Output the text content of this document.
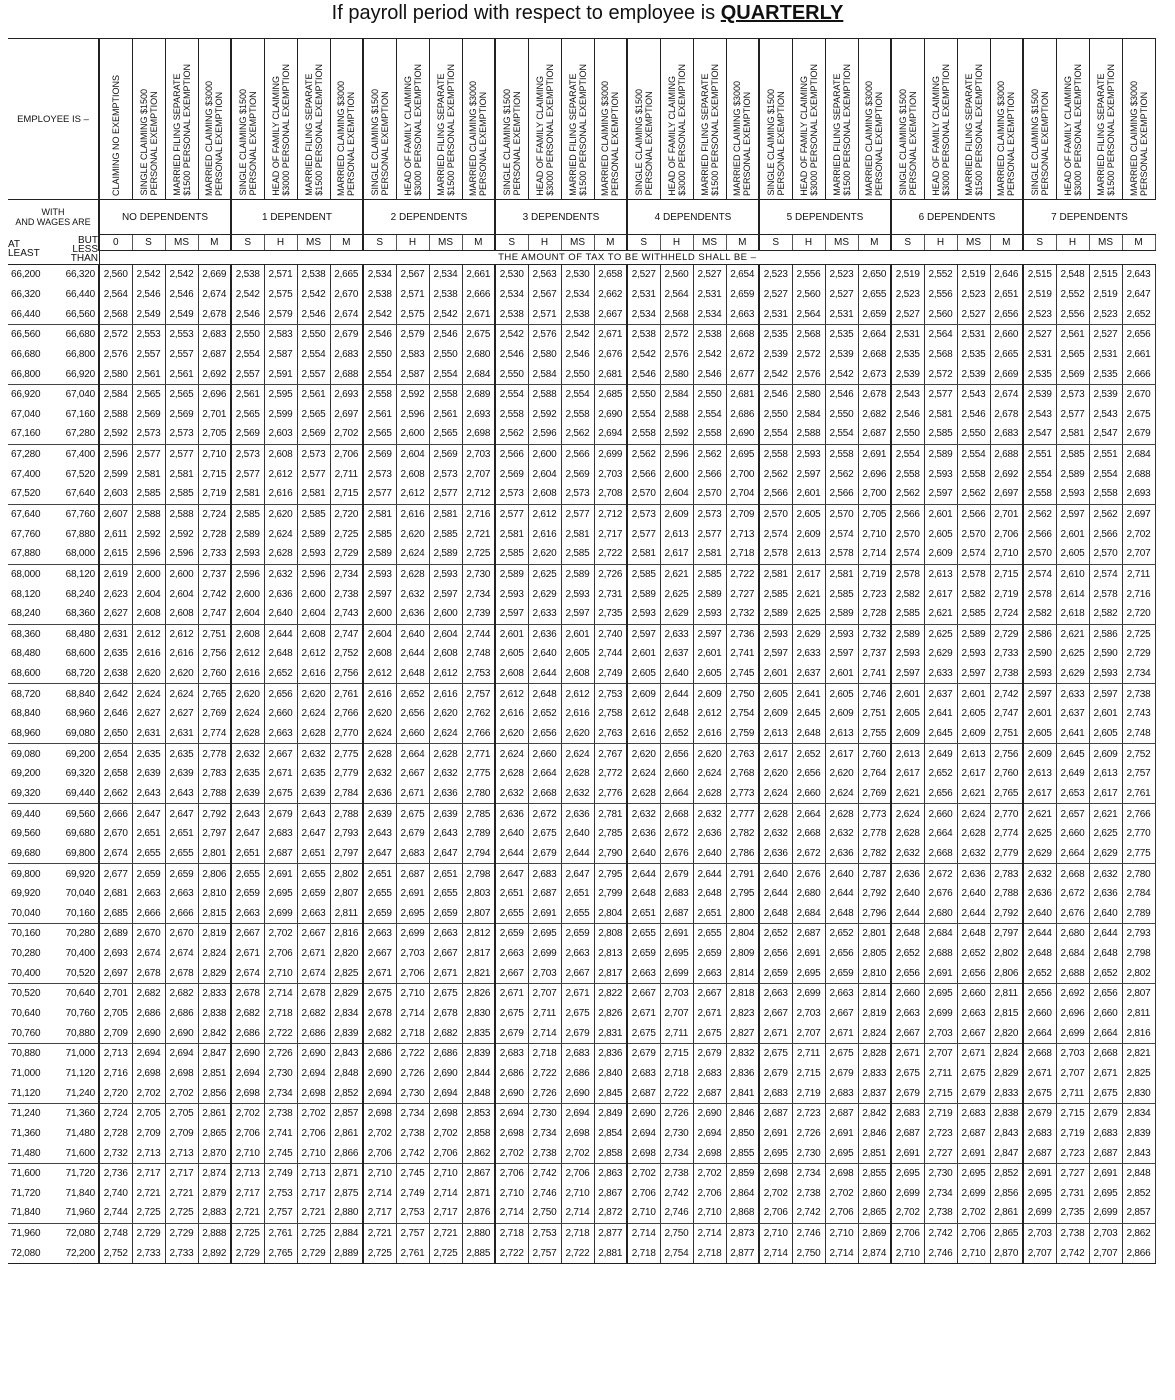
If payroll period with respect to employee is QUARTERLY
EMPLOYEE IS –		CLAIMING NO EXEMPTIONS	SINGLE CLAIMING $1500
PERSONAL EXEMPTION	MARRIED FILING SEPARATE
$1500 PERSONAL EXEMPTION	MARRIED CLAIMING $3000
PERSONAL EXEMPTION	SINGLE CLAIMING $1500
PERSONAL EXEMPTION	HEAD OF FAMILY CLAIMING
$3000 PERSONAL EXEMPTION	MARRIED FILING SEPARATE
$1500 PERSONAL EXEMPTION	MARRIED CLAIMING $3000
PERSONAL EXEMPTION	SINGLE CLAIMING $1500
PERSONAL EXEMPTION	HEAD OF FAMILY CLAIMING
$3000 PERSONAL EXEMPTION	MARRIED FILING SEPARATE
$1500 PERSONAL EXEMPTION	MARRIED CLAIMING $3000
PERSONAL EXEMPTION	SINGLE CLAIMING $1500
PERSONAL EXEMPTION	HEAD OF FAMILY CLAIMING
$3000 PERSONAL EXEMPTION	MARRIED FILING SEPARATE
$1500 PERSONAL EXEMPTION	MARRIED CLAIMING $3000
PERSONAL EXEMPTION	SINGLE CLAIMING $1500
PERSONAL EXEMPTION	HEAD OF FAMILY CLAIMING
$3000 PERSONAL EXEMPTION	MARRIED FILING SEPARATE
$1500 PERSONAL EXEMPTION	MARRIED CLAIMING $3000
PERSONAL EXEMPTION	SINGLE CLAIMING $1500
PERSONAL EXEMPTION	HEAD OF FAMILY CLAIMING
$3000 PERSONAL EXEMPTION	MARRIED FILING SEPARATE
$1500 PERSONAL EXEMPTION	MARRIED CLAIMING $3000
PERSONAL EXEMPTION	SINGLE CLAIMING $1500
PERSONAL EXEMPTION	HEAD OF FAMILY CLAIMING
$3000 PERSONAL EXEMPTION	MARRIED FILING SEPARATE
$1500 PERSONAL EXEMPTION	MARRIED CLAIMING $3000
PERSONAL EXEMPTION	SINGLE CLAIMING $1500
PERSONAL EXEMPTION	HEAD OF FAMILY CLAIMING
$3000 PERSONAL EXEMPTION	MARRIED FILING SEPARATE
$1500 PERSONAL EXEMPTION	MARRIED CLAIMING $3000
PERSONAL EXEMPTION

WITH
AND WAGES ARE		NO DEPENDENTS				1 DEPENDENT				2 DEPENDENTS				3 DEPENDENTS				4 DEPENDENTS				5 DEPENDENTS				6 DEPENDENTS				7 DEPENDENTS			
AT
LEAST	BUT LESS
THAN	0	S	MS	M	S	H	MS	M	S	H	MS	M	S	H	MS	M	S	H	MS	M	S	H	MS	M	S	H	MS	M	S	H	MS	M
		THE AMOUNT OF TAX TO BE WITHHELD SHALL BE –																															
66,200	66,320	2,560	2,542	2,542	2,669	2,538	2,571	2,538	2,665	2,534	2,567	2,534	2,661	2,530	2,563	2,530	2,658	2,527	2,560	2,527	2,654	2,523	2,556	2,523	2,650	2,519	2,552	2,519	2,646	2,515	2,548	2,515	2,643
66,320	66,440	2,564	2,546	2,546	2,674	2,542	2,575	2,542	2,670	2,538	2,571	2,538	2,666	2,534	2,567	2,534	2,662	2,531	2,564	2,531	2,659	2,527	2,560	2,527	2,655	2,523	2,556	2,523	2,651	2,519	2,552	2,519	2,647
66,440	66,560	2,568	2,549	2,549	2,678	2,546	2,579	2,546	2,674	2,542	2,575	2,542	2,671	2,538	2,571	2,538	2,667	2,534	2,568	2,534	2,663	2,531	2,564	2,531	2,659	2,527	2,560	2,527	2,656	2,523	2,556	2,523	2,652
66,560	66,680	2,572	2,553	2,553	2,683	2,550	2,583	2,550	2,679	2,546	2,579	2,546	2,675	2,542	2,576	2,542	2,671	2,538	2,572	2,538	2,668	2,535	2,568	2,535	2,664	2,531	2,564	2,531	2,660	2,527	2,561	2,527	2,656
66,680	66,800	2,576	2,557	2,557	2,687	2,554	2,587	2,554	2,683	2,550	2,583	2,550	2,680	2,546	2,580	2,546	2,676	2,542	2,576	2,542	2,672	2,539	2,572	2,539	2,668	2,535	2,568	2,535	2,665	2,531	2,565	2,531	2,661
66,800	66,920	2,580	2,561	2,561	2,692	2,557	2,591	2,557	2,688	2,554	2,587	2,554	2,684	2,550	2,584	2,550	2,681	2,546	2,580	2,546	2,677	2,542	2,576	2,542	2,673	2,539	2,572	2,539	2,669	2,535	2,569	2,535	2,666
66,920	67,040	2,584	2,565	2,565	2,696	2,561	2,595	2,561	2,693	2,558	2,592	2,558	2,689	2,554	2,588	2,554	2,685	2,550	2,584	2,550	2,681	2,546	2,580	2,546	2,678	2,543	2,577	2,543	2,674	2,539	2,573	2,539	2,670
67,040	67,160	2,588	2,569	2,569	2,701	2,565	2,599	2,565	2,697	2,561	2,596	2,561	2,693	2,558	2,592	2,558	2,690	2,554	2,588	2,554	2,686	2,550	2,584	2,550	2,682	2,546	2,581	2,546	2,678	2,543	2,577	2,543	2,675
67,160	67,280	2,592	2,573	2,573	2,705	2,569	2,603	2,569	2,702	2,565	2,600	2,565	2,698	2,562	2,596	2,562	2,694	2,558	2,592	2,558	2,690	2,554	2,588	2,554	2,687	2,550	2,585	2,550	2,683	2,547	2,581	2,547	2,679
67,280	67,400	2,596	2,577	2,577	2,710	2,573	2,608	2,573	2,706	2,569	2,604	2,569	2,703	2,566	2,600	2,566	2,699	2,562	2,596	2,562	2,695	2,558	2,593	2,558	2,691	2,554	2,589	2,554	2,688	2,551	2,585	2,551	2,684
67,400	67,520	2,599	2,581	2,581	2,715	2,577	2,612	2,577	2,711	2,573	2,608	2,573	2,707	2,569	2,604	2,569	2,703	2,566	2,600	2,566	2,700	2,562	2,597	2,562	2,696	2,558	2,593	2,558	2,692	2,554	2,589	2,554	2,688
67,520	67,640	2,603	2,585	2,585	2,719	2,581	2,616	2,581	2,715	2,577	2,612	2,577	2,712	2,573	2,608	2,573	2,708	2,570	2,604	2,570	2,704	2,566	2,601	2,566	2,700	2,562	2,597	2,562	2,697	2,558	2,593	2,558	2,693
67,640	67,760	2,607	2,588	2,588	2,724	2,585	2,620	2,585	2,720	2,581	2,616	2,581	2,716	2,577	2,612	2,577	2,712	2,573	2,609	2,573	2,709	2,570	2,605	2,570	2,705	2,566	2,601	2,566	2,701	2,562	2,597	2,562	2,697
67,760	67,880	2,611	2,592	2,592	2,728	2,589	2,624	2,589	2,725	2,585	2,620	2,585	2,721	2,581	2,616	2,581	2,717	2,577	2,613	2,577	2,713	2,574	2,609	2,574	2,710	2,570	2,605	2,570	2,706	2,566	2,601	2,566	2,702
67,880	68,000	2,615	2,596	2,596	2,733	2,593	2,628	2,593	2,729	2,589	2,624	2,589	2,725	2,585	2,620	2,585	2,722	2,581	2,617	2,581	2,718	2,578	2,613	2,578	2,714	2,574	2,609	2,574	2,710	2,570	2,605	2,570	2,707
68,000	68,120	2,619	2,600	2,600	2,737	2,596	2,632	2,596	2,734	2,593	2,628	2,593	2,730	2,589	2,625	2,589	2,726	2,585	2,621	2,585	2,722	2,581	2,617	2,581	2,719	2,578	2,613	2,578	2,715	2,574	2,610	2,574	2,711
68,120	68,240	2,623	2,604	2,604	2,742	2,600	2,636	2,600	2,738	2,597	2,632	2,597	2,734	2,593	2,629	2,593	2,731	2,589	2,625	2,589	2,727	2,585	2,621	2,585	2,723	2,582	2,617	2,582	2,719	2,578	2,614	2,578	2,716
68,240	68,360	2,627	2,608	2,608	2,747	2,604	2,640	2,604	2,743	2,600	2,636	2,600	2,739	2,597	2,633	2,597	2,735	2,593	2,629	2,593	2,732	2,589	2,625	2,589	2,728	2,585	2,621	2,585	2,724	2,582	2,618	2,582	2,720
68,360	68,480	2,631	2,612	2,612	2,751	2,608	2,644	2,608	2,747	2,604	2,640	2,604	2,744	2,601	2,636	2,601	2,740	2,597	2,633	2,597	2,736	2,593	2,629	2,593	2,732	2,589	2,625	2,589	2,729	2,586	2,621	2,586	2,725
68,480	68,600	2,635	2,616	2,616	2,756	2,612	2,648	2,612	2,752	2,608	2,644	2,608	2,748	2,605	2,640	2,605	2,744	2,601	2,637	2,601	2,741	2,597	2,633	2,597	2,737	2,593	2,629	2,593	2,733	2,590	2,625	2,590	2,729
68,600	68,720	2,638	2,620	2,620	2,760	2,616	2,652	2,616	2,756	2,612	2,648	2,612	2,753	2,608	2,644	2,608	2,749	2,605	2,640	2,605	2,745	2,601	2,637	2,601	2,741	2,597	2,633	2,597	2,738	2,593	2,629	2,593	2,734
68,720	68,840	2,642	2,624	2,624	2,765	2,620	2,656	2,620	2,761	2,616	2,652	2,616	2,757	2,612	2,648	2,612	2,753	2,609	2,644	2,609	2,750	2,605	2,641	2,605	2,746	2,601	2,637	2,601	2,742	2,597	2,633	2,597	2,738
68,840	68,960	2,646	2,627	2,627	2,769	2,624	2,660	2,624	2,766	2,620	2,656	2,620	2,762	2,616	2,652	2,616	2,758	2,612	2,648	2,612	2,754	2,609	2,645	2,609	2,751	2,605	2,641	2,605	2,747	2,601	2,637	2,601	2,743
68,960	69,080	2,650	2,631	2,631	2,774	2,628	2,663	2,628	2,770	2,624	2,660	2,624	2,766	2,620	2,656	2,620	2,763	2,616	2,652	2,616	2,759	2,613	2,648	2,613	2,755	2,609	2,645	2,609	2,751	2,605	2,641	2,605	2,748
69,080	69,200	2,654	2,635	2,635	2,778	2,632	2,667	2,632	2,775	2,628	2,664	2,628	2,771	2,624	2,660	2,624	2,767	2,620	2,656	2,620	2,763	2,617	2,652	2,617	2,760	2,613	2,649	2,613	2,756	2,609	2,645	2,609	2,752
69,200	69,320	2,658	2,639	2,639	2,783	2,635	2,671	2,635	2,779	2,632	2,667	2,632	2,775	2,628	2,664	2,628	2,772	2,624	2,660	2,624	2,768	2,620	2,656	2,620	2,764	2,617	2,652	2,617	2,760	2,613	2,649	2,613	2,757
69,320	69,440	2,662	2,643	2,643	2,788	2,639	2,675	2,639	2,784	2,636	2,671	2,636	2,780	2,632	2,668	2,632	2,776	2,628	2,664	2,628	2,773	2,624	2,660	2,624	2,769	2,621	2,656	2,621	2,765	2,617	2,653	2,617	2,761
69,440	69,560	2,666	2,647	2,647	2,792	2,643	2,679	2,643	2,788	2,639	2,675	2,639	2,785	2,636	2,672	2,636	2,781	2,632	2,668	2,632	2,777	2,628	2,664	2,628	2,773	2,624	2,660	2,624	2,770	2,621	2,657	2,621	2,766
69,560	69,680	2,670	2,651	2,651	2,797	2,647	2,683	2,647	2,793	2,643	2,679	2,643	2,789	2,640	2,675	2,640	2,785	2,636	2,672	2,636	2,782	2,632	2,668	2,632	2,778	2,628	2,664	2,628	2,774	2,625	2,660	2,625	2,770
69,680	69,800	2,674	2,655	2,655	2,801	2,651	2,687	2,651	2,797	2,647	2,683	2,647	2,794	2,644	2,679	2,644	2,790	2,640	2,676	2,640	2,786	2,636	2,672	2,636	2,782	2,632	2,668	2,632	2,779	2,629	2,664	2,629	2,775
69,800	69,920	2,677	2,659	2,659	2,806	2,655	2,691	2,655	2,802	2,651	2,687	2,651	2,798	2,647	2,683	2,647	2,795	2,644	2,679	2,644	2,791	2,640	2,676	2,640	2,787	2,636	2,672	2,636	2,783	2,632	2,668	2,632	2,780
69,920	70,040	2,681	2,663	2,663	2,810	2,659	2,695	2,659	2,807	2,655	2,691	2,655	2,803	2,651	2,687	2,651	2,799	2,648	2,683	2,648	2,795	2,644	2,680	2,644	2,792	2,640	2,676	2,640	2,788	2,636	2,672	2,636	2,784
70,040	70,160	2,685	2,666	2,666	2,815	2,663	2,699	2,663	2,811	2,659	2,695	2,659	2,807	2,655	2,691	2,655	2,804	2,651	2,687	2,651	2,800	2,648	2,684	2,648	2,796	2,644	2,680	2,644	2,792	2,640	2,676	2,640	2,789
70,160	70,280	2,689	2,670	2,670	2,819	2,667	2,702	2,667	2,816	2,663	2,699	2,663	2,812	2,659	2,695	2,659	2,808	2,655	2,691	2,655	2,804	2,652	2,687	2,652	2,801	2,648	2,684	2,648	2,797	2,644	2,680	2,644	2,793
70,280	70,400	2,693	2,674	2,674	2,824	2,671	2,706	2,671	2,820	2,667	2,703	2,667	2,817	2,663	2,699	2,663	2,813	2,659	2,695	2,659	2,809	2,656	2,691	2,656	2,805	2,652	2,688	2,652	2,802	2,648	2,684	2,648	2,798
70,400	70,520	2,697	2,678	2,678	2,829	2,674	2,710	2,674	2,825	2,671	2,706	2,671	2,821	2,667	2,703	2,667	2,817	2,663	2,699	2,663	2,814	2,659	2,695	2,659	2,810	2,656	2,691	2,656	2,806	2,652	2,688	2,652	2,802
70,520	70,640	2,701	2,682	2,682	2,833	2,678	2,714	2,678	2,829	2,675	2,710	2,675	2,826	2,671	2,707	2,671	2,822	2,667	2,703	2,667	2,818	2,663	2,699	2,663	2,814	2,660	2,695	2,660	2,811	2,656	2,692	2,656	2,807
70,640	70,760	2,705	2,686	2,686	2,838	2,682	2,718	2,682	2,834	2,678	2,714	2,678	2,830	2,675	2,711	2,675	2,826	2,671	2,707	2,671	2,823	2,667	2,703	2,667	2,819	2,663	2,699	2,663	2,815	2,660	2,696	2,660	2,811
70,760	70,880	2,709	2,690	2,690	2,842	2,686	2,722	2,686	2,839	2,682	2,718	2,682	2,835	2,679	2,714	2,679	2,831	2,675	2,711	2,675	2,827	2,671	2,707	2,671	2,824	2,667	2,703	2,667	2,820	2,664	2,699	2,664	2,816
70,880	71,000	2,713	2,694	2,694	2,847	2,690	2,726	2,690	2,843	2,686	2,722	2,686	2,839	2,683	2,718	2,683	2,836	2,679	2,715	2,679	2,832	2,675	2,711	2,675	2,828	2,671	2,707	2,671	2,824	2,668	2,703	2,668	2,821
71,000	71,120	2,716	2,698	2,698	2,851	2,694	2,730	2,694	2,848	2,690	2,726	2,690	2,844	2,686	2,722	2,686	2,840	2,683	2,718	2,683	2,836	2,679	2,715	2,679	2,833	2,675	2,711	2,675	2,829	2,671	2,707	2,671	2,825
71,120	71,240	2,720	2,702	2,702	2,856	2,698	2,734	2,698	2,852	2,694	2,730	2,694	2,848	2,690	2,726	2,690	2,845	2,687	2,722	2,687	2,841	2,683	2,719	2,683	2,837	2,679	2,715	2,679	2,833	2,675	2,711	2,675	2,830
71,240	71,360	2,724	2,705	2,705	2,861	2,702	2,738	2,702	2,857	2,698	2,734	2,698	2,853	2,694	2,730	2,694	2,849	2,690	2,726	2,690	2,846	2,687	2,723	2,687	2,842	2,683	2,719	2,683	2,838	2,679	2,715	2,679	2,834
71,360	71,480	2,728	2,709	2,709	2,865	2,706	2,741	2,706	2,861	2,702	2,738	2,702	2,858	2,698	2,734	2,698	2,854	2,694	2,730	2,694	2,850	2,691	2,726	2,691	2,846	2,687	2,723	2,687	2,843	2,683	2,719	2,683	2,839
71,480	71,600	2,732	2,713	2,713	2,870	2,710	2,745	2,710	2,866	2,706	2,742	2,706	2,862	2,702	2,738	2,702	2,858	2,698	2,734	2,698	2,855	2,695	2,730	2,695	2,851	2,691	2,727	2,691	2,847	2,687	2,723	2,687	2,843
71,600	71,720	2,736	2,717	2,717	2,874	2,713	2,749	2,713	2,871	2,710	2,745	2,710	2,867	2,706	2,742	2,706	2,863	2,702	2,738	2,702	2,859	2,698	2,734	2,698	2,855	2,695	2,730	2,695	2,852	2,691	2,727	2,691	2,848
71,720	71,840	2,740	2,721	2,721	2,879	2,717	2,753	2,717	2,875	2,714	2,749	2,714	2,871	2,710	2,746	2,710	2,867	2,706	2,742	2,706	2,864	2,702	2,738	2,702	2,860	2,699	2,734	2,699	2,856	2,695	2,731	2,695	2,852
71,840	71,960	2,744	2,725	2,725	2,883	2,721	2,757	2,721	2,880	2,717	2,753	2,717	2,876	2,714	2,750	2,714	2,872	2,710	2,746	2,710	2,868	2,706	2,742	2,706	2,865	2,702	2,738	2,702	2,861	2,699	2,735	2,699	2,857
71,960	72,080	2,748	2,729	2,729	2,888	2,725	2,761	2,725	2,884	2,721	2,757	2,721	2,880	2,718	2,753	2,718	2,877	2,714	2,750	2,714	2,873	2,710	2,746	2,710	2,869	2,706	2,742	2,706	2,865	2,703	2,738	2,703	2,862
72,080	72,200	2,752	2,733	2,733	2,892	2,729	2,765	2,729	2,889	2,725	2,761	2,725	2,885	2,722	2,757	2,722	2,881	2,718	2,754	2,718	2,877	2,714	2,750	2,714	2,874	2,710	2,746	2,710	2,870	2,707	2,742	2,707	2,866
